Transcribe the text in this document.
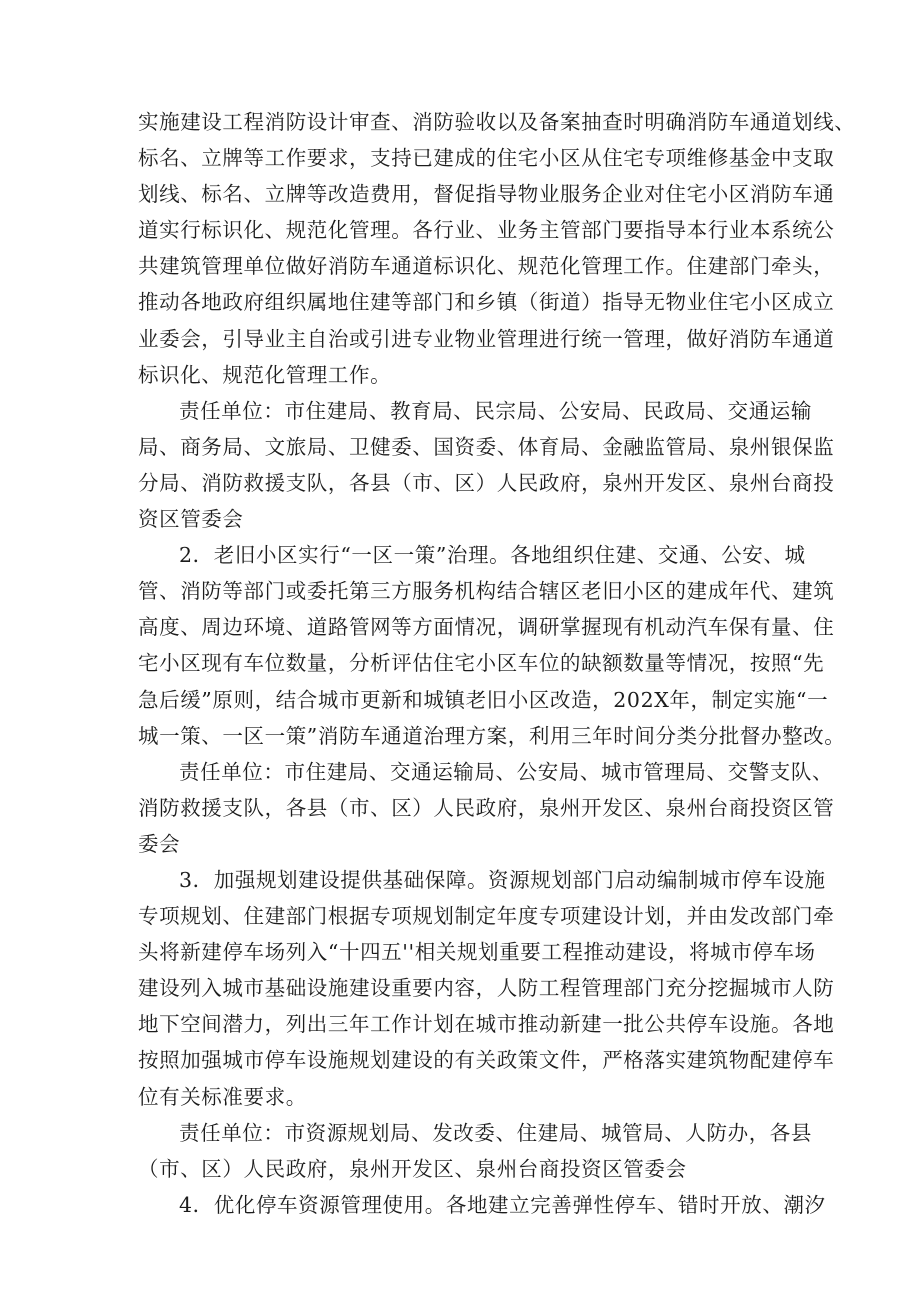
实施建设工程消防设计审查、消防验收以及备案抽查时明确消防车通道划线、
标名、立牌等工作要求，支持已建成的住宅小区从住宅专项维修基金中支取
划线、标名、立牌等改造费用，督促指导物业服务企业对住宅小区消防车通
道实行标识化、规范化管理。各行业、业务主管部门要指导本行业本系统公
共建筑管理单位做好消防车通道标识化、规范化管理工作。住建部门牵头，
推动各地政府组织属地住建等部门和乡镇（街道）指导无物业住宅小区成立
业委会，引导业主自治或引进专业物业管理进行统一管理，做好消防车通道
标识化、规范化管理工作。
责任单位：市住建局、教育局、民宗局、公安局、民政局、交通运输
局、商务局、文旅局、卫健委、国资委、体育局、金融监管局、泉州银保监
分局、消防救援支队，各县（市、区）人民政府，泉州开发区、泉州台商投
资区管委会
2．老旧小区实行“一区一策”治理。各地组织住建、交通、公安、城
管、消防等部门或委托第三方服务机构结合辖区老旧小区的建成年代、建筑
高度、周边环境、道路管网等方面情况，调研掌握现有机动汽车保有量、住
宅小区现有车位数量，分析评估住宅小区车位的缺额数量等情况，按照“先
急后缓”原则，结合城市更新和城镇老旧小区改造，202X年，制定实施“一
城一策、一区一策”消防车通道治理方案，利用三年时间分类分批督办整改。
责任单位：市住建局、交通运输局、公安局、城市管理局、交警支队、
消防救援支队，各县（市、区）人民政府，泉州开发区、泉州台商投资区管
委会
3．加强规划建设提供基础保障。资源规划部门启动编制城市停车设施
专项规划、住建部门根据专项规划制定年度专项建设计划，并由发改部门牵
头将新建停车场列入“十四五''相关规划重要工程推动建设，将城市停车场
建设列入城市基础设施建设重要内容，人防工程管理部门充分挖掘城市人防
地下空间潜力，列出三年工作计划在城市推动新建一批公共停车设施。各地
按照加强城市停车设施规划建设的有关政策文件，严格落实建筑物配建停车
位有关标准要求。
责任单位：市资源规划局、发改委、住建局、城管局、人防办，各县
（市、区）人民政府，泉州开发区、泉州台商投资区管委会
4．优化停车资源管理使用。各地建立完善弹性停车、错时开放、潮汐
